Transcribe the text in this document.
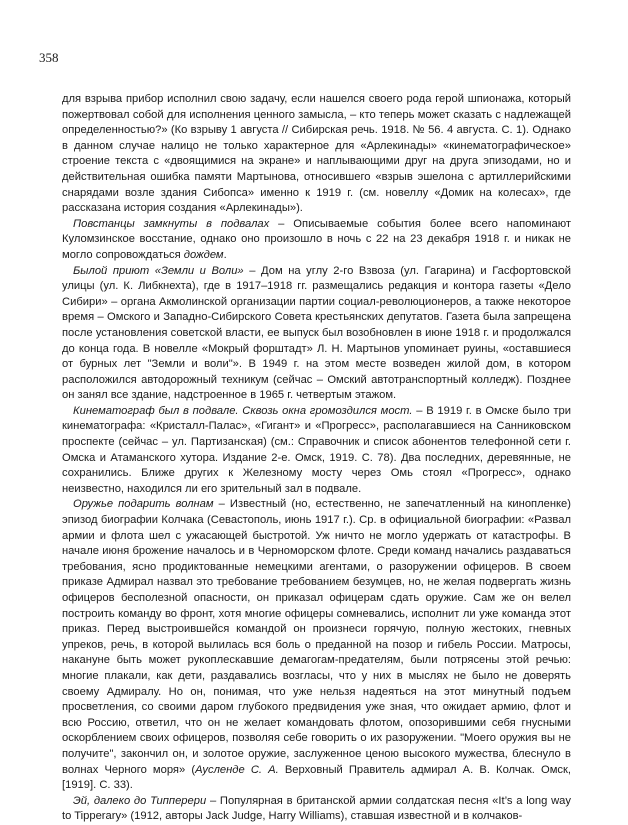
358

для взрыва прибор исполнил свою задачу, если нашелся своего рода герой шпионажа, который пожертвовал собой для исполнения ценного замысла, – кто теперь может сказать с надлежащей определенностью?» (Ко взрыву 1 августа // Сибирская речь. 1918. № 56. 4 августа. С. 1). Однако в данном случае налицо не только характерное для «Арлекинады» «кинематографическое» строение текста с «двоящимися на экране» и наплывающими друг на друга эпизодами, но и действительная ошибка памяти Мартынова, относившего «взрыв эшелона с артиллерийскими снарядами возле здания Сибопса» именно к 1919 г. (см. новеллу «Домик на колесах», где рассказана история создания «Арлекинады»).

Повстанцы замкнуты в подвалах – Описываемые события более всего напоминают Куломзинское восстание, однако оно произошло в ночь с 22 на 23 декабря 1918 г. и никак не могло сопровождаться дождем.

Былой приют «Земли и Воли» – Дом на углу 2-го Взвоза (ул. Гагарина) и Гасфортовской улицы (ул. К. Либкнехта), где в 1917–1918 гг. размещались редакция и контора газеты «Дело Сибири» – органа Акмолинской организации партии социал-революционеров, а также некоторое время – Омского и Западно-Сибирского Совета крестьянских депутатов. Газета была запрещена после установления советской власти, ее выпуск был возобновлен в июне 1918 г. и продолжался до конца года. В новелле «Мокрый форштадт» Л. Н. Мартынов упоминает руины, «оставшиеся от бурных лет "Земли и воли"». В 1949 г. на этом месте возведен жилой дом, в котором расположился автодорожный техникум (сейчас – Омский автотранспортный колледж). Позднее он занял все здание, надстроенное в 1965 г. четвертым этажом.

Кинематограф был в подвале. Сквозь окна громоздился мост. – В 1919 г. в Омске было три кинематографа: «Кристалл-Палас», «Гигант» и «Прогресс», располагавшиеся на Санниковском проспекте (сейчас – ул. Партизанская) (см.: Справочник и список абонентов телефонной сети г. Омска и Атаманского хутора. Издание 2-е. Омск, 1919. С. 78). Два последних, деревянные, не сохранились. Ближе других к Железному мосту через Омь стоял «Прогресс», однако неизвестно, находился ли его зрительный зал в подвале.

Оружье подарить волнам – Известный (но, естественно, не запечатленный на кинопленке) эпизод биографии Колчака (Севастополь, июнь 1917 г.). Ср. в официальной биографии: «Развал армии и флота шел с ужасающей быстротой. Уж ничто не могло удержать от катастрофы. В начале июня брожение началось и в Черноморском флоте. Среди команд начались раздаваться требования, ясно продиктованные немецкими агентами, о разоружении офицеров. В своем приказе Адмирал назвал это требование требованием безумцев, но, не желая подвергать жизнь офицеров бесполезной опасности, он приказал офицерам сдать оружие. Сам же он велел построить команду во фронт, хотя многие офицеры сомневались, исполнит ли уже команда этот приказ. Перед выстроившейся командой он произнеси горячую, полную жестоких, гневных упреков, речь, в которой вылилась вся боль о преданной на позор и гибель России. Матросы, накануне быть может рукоплескавшие демагогам-предателям, были потрясены этой речью: многие плакали, как дети, раздавались возгласы, что у них в мыслях не было не доверять своему Адмиралу. Но он, понимая, что уже нельзя надеяться на этот минутный подъем просветления, со своими даром глубокого предвидения уже зная, что ожидает армию, флот и всю Россию, ответил, что он не желает командовать флотом, опозорившими себя гнусными оскорблением своих офицеров, позволяя себе говорить о их разоружении. "Моего оружия вы не получите", закончил он, и золотое оружие, заслуженное ценою высокого мужества, блеснуло в волнах Черного моря» (Аусленде С. А. Верховный Правитель адмирал А. В. Колчак. Омск, [1919]. С. 33).

Эй, далеко до Типперери – Популярная в британской армии солдатская песня «It’s a long way to Tipperary» (1912, авторы Jack Judge, Harry Williams), ставшая известной и в колчаков-
